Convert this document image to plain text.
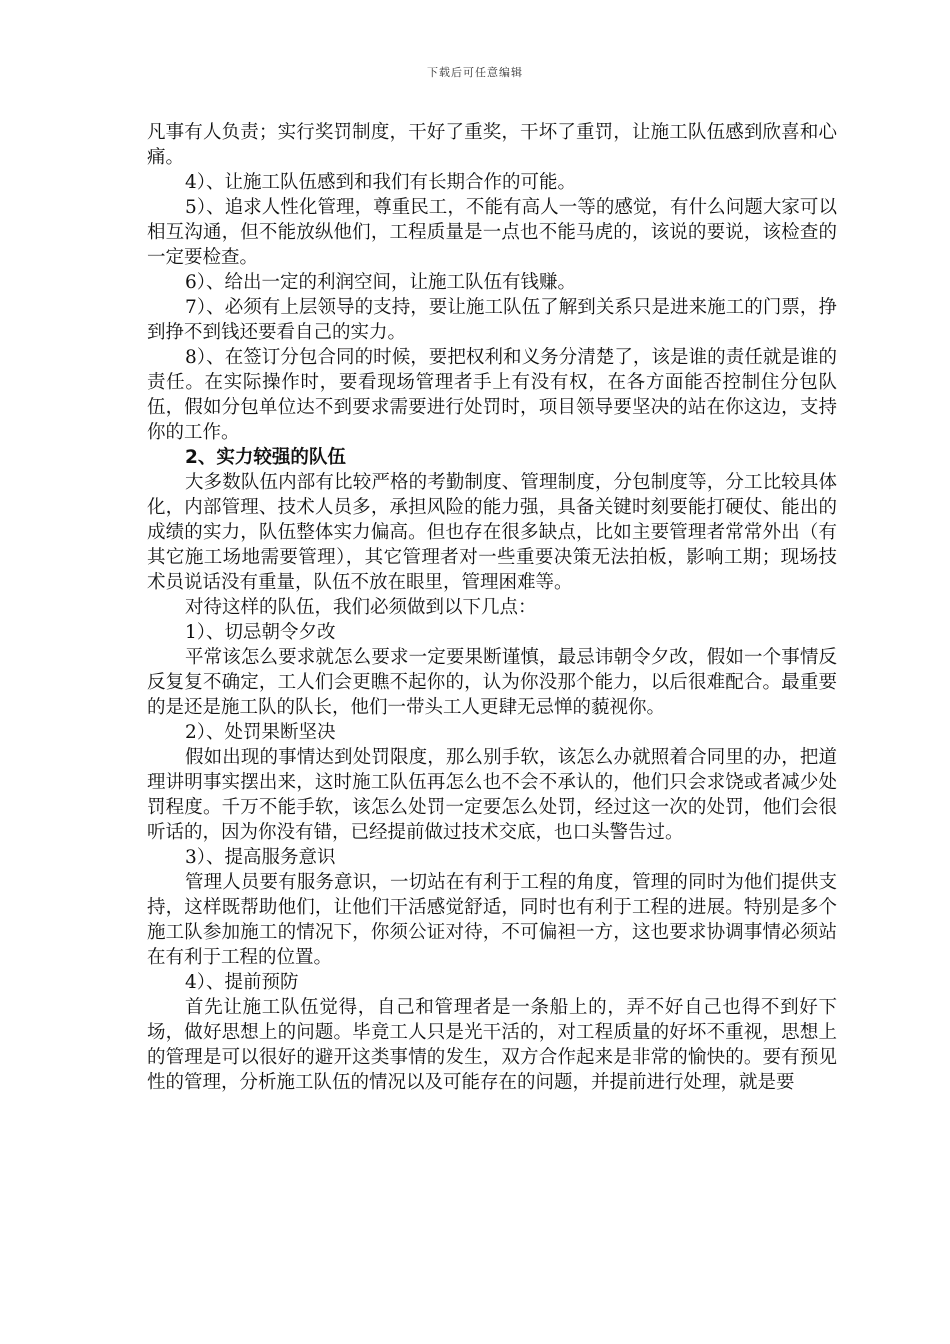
下载后可任意编辑

凡事有人负责；实行奖罚制度，干好了重奖，干坏了重罚，让施工队伍感到欣喜和心痛。

4）、让施工队伍感到和我们有长期合作的可能。

5）、追求人性化管理，尊重民工，不能有高人一等的感觉，有什么问题大家可以相互沟通，但不能放纵他们，工程质量是一点也不能马虎的，该说的要说，该检查的一定要检查。

6）、给出一定的利润空间，让施工队伍有钱赚。

7）、必须有上层领导的支持，要让施工队伍了解到关系只是进来施工的门票，挣到挣不到钱还要看自己的实力。

8）、在签订分包合同的时候，要把权利和义务分清楚了，该是谁的责任就是谁的责任。在实际操作时，要看现场管理者手上有没有权，在各方面能否控制住分包队伍，假如分包单位达不到要求需要进行处罚时，项目领导要坚决的站在你这边，支持你的工作。

2、实力较强的队伍

大多数队伍内部有比较严格的考勤制度、管理制度，分包制度等，分工比较具体化，内部管理、技术人员多，承担风险的能力强，具备关键时刻要能打硬仗、能出的成绩的实力，队伍整体实力偏高。但也存在很多缺点，比如主要管理者常常外出（有其它施工场地需要管理），其它管理者对一些重要决策无法拍板，影响工期；现场技术员说话没有重量，队伍不放在眼里，管理困难等。

对待这样的队伍，我们必须做到以下几点：

1）、切忌朝令夕改

平常该怎么要求就怎么要求一定要果断谨慎，最忌讳朝令夕改，假如一个事情反反复复不确定，工人们会更瞧不起你的，认为你没那个能力，以后很难配合。最重要的是还是施工队的队长，他们一带头工人更肆无忌惮的藐视你。

2）、处罚果断坚决

假如出现的事情达到处罚限度，那么别手软，该怎么办就照着合同里的办，把道理讲明事实摆出来，这时施工队伍再怎么也不会不承认的，他们只会求饶或者减少处罚程度。千万不能手软，该怎么处罚一定要怎么处罚，经过这一次的处罚，他们会很听话的，因为你没有错，已经提前做过技术交底，也口头警告过。

3）、提高服务意识

管理人员要有服务意识，一切站在有利于工程的角度，管理的同时为他们提供支持，这样既帮助他们，让他们干活感觉舒适，同时也有利于工程的进展。特别是多个施工队参加施工的情况下，你须公证对待，不可偏袒一方，这也要求协调事情必须站在有利于工程的位置。

4）、提前预防

首先让施工队伍觉得，自己和管理者是一条船上的，弄不好自己也得不到好下场，做好思想上的问题。毕竟工人只是光干活的，对工程质量的好坏不重视，思想上的管理是可以很好的避开这类事情的发生，双方合作起来是非常的愉快的。要有预见性的管理，分析施工队伍的情况以及可能存在的问题，并提前进行处理，就是要
